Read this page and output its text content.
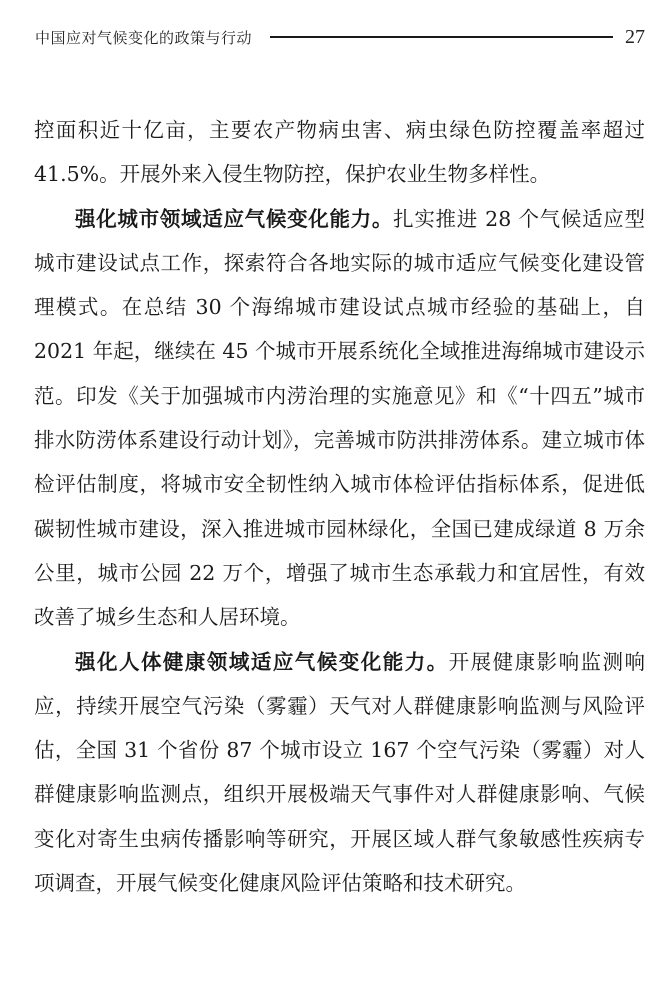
中国应对气候变化的政策与行动	27

控面积近十亿亩，主要农产物病虫害、病虫绿色防控覆盖率超过 41.5%。开展外来入侵生物防控，保护农业生物多样性。

强化城市领域适应气候变化能力。扎实推进 28 个气候适应型城市建设试点工作，探索符合各地实际的城市适应气候变化建设管理模式。在总结 30 个海绵城市建设试点城市经验的基础上，自 2021 年起，继续在 45 个城市开展系统化全域推进海绵城市建设示范。印发《关于加强城市内涝治理的实施意见》和《“十四五”城市排水防涝体系建设行动计划》，完善城市防洪排涝体系。建立城市体检评估制度，将城市安全韧性纳入城市体检评估指标体系，促进低碳韧性城市建设，深入推进城市园林绿化，全国已建成绿道 8 万余公里，城市公园 22 万个，增强了城市生态承载力和宜居性，有效改善了城乡生态和人居环境。

强化人体健康领域适应气候变化能力。开展健康影响监测响应，持续开展空气污染（雾霾）天气对人群健康影响监测与风险评估，全国 31 个省份 87 个城市设立 167 个空气污染（雾霾）对人群健康影响监测点，组织开展极端天气事件对人群健康影响、气候变化对寄生虫病传播影响等研究，开展区域人群气象敏感性疾病专项调查，开展气候变化健康风险评估策略和技术研究。
